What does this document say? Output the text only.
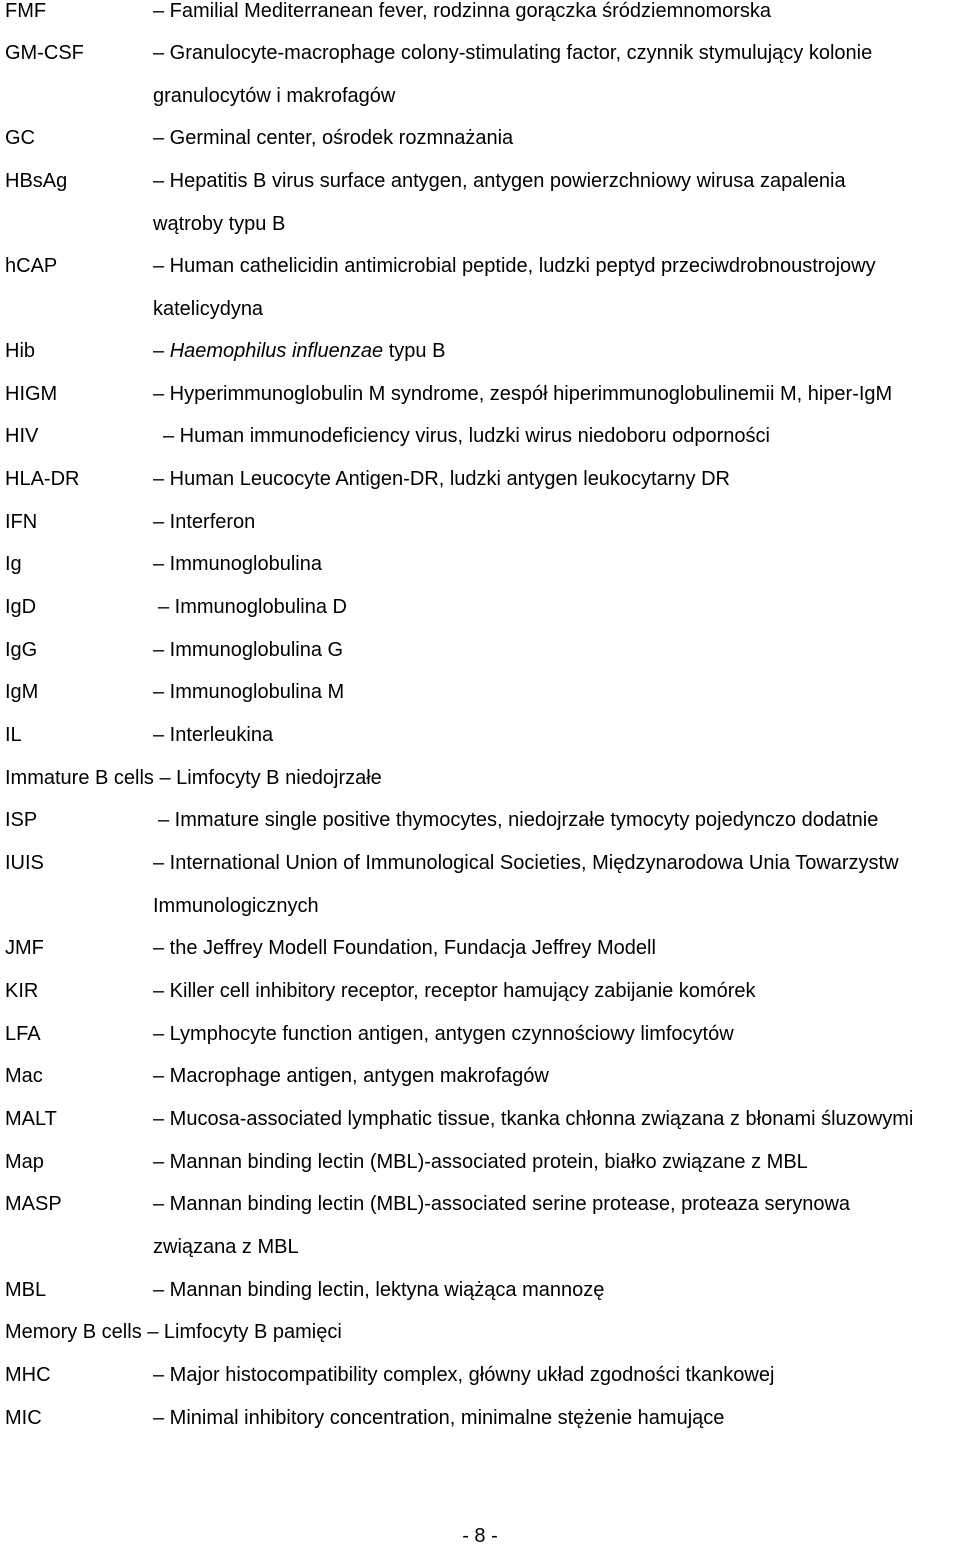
FMF	– Familial Mediterranean fever, rodzinna gorączka śródziemnomorska
GM-CSF	– Granulocyte-macrophage colony-stimulating factor, czynnik stymulujący kolonie
granulocytów i makrofagów
GC	– Germinal center, ośrodek rozmnażania
HBsAg	– Hepatitis B virus surface antygen, antygen powierzchniowy wirusa zapalenia
wątroby typu B
hCAP	– Human cathelicidin antimicrobial peptide, ludzki peptyd przeciwdrobnoustrojowy
katelicydyna
Hib	– Haemophilus influenzae typu B
HIGM	– Hyperimmunoglobulin M syndrome, zespół hiperimmunoglobulinemii M, hiper-IgM
HIV	– Human immunodeficiency virus, ludzki wirus niedoboru odporności
HLA-DR	– Human Leucocyte Antigen-DR, ludzki antygen leukocytarny DR
IFN	– Interferon
Ig	– Immunoglobulina
IgD	– Immunoglobulina D
IgG	– Immunoglobulina G
IgM	– Immunoglobulina M
IL	– Interleukina
Immature B cells – Limfocyty B niedojrzałe
ISP	– Immature single positive thymocytes, niedojrzałe tymocyty pojedynczo dodatnie
IUIS	– International Union of Immunological Societies, Międzynarodowa Unia Towarzystw
Immunologicznych
JMF	– the Jeffrey Modell Foundation, Fundacja Jeffrey Modell
KIR	– Killer cell inhibitory receptor, receptor hamujący zabijanie komórek
LFA	– Lymphocyte function antigen, antygen czynnościowy limfocytów
Mac	– Macrophage antigen, antygen makrofagów
MALT	– Mucosa-associated lymphatic tissue, tkanka chłonna związana z błonami śluzowymi
Map	– Mannan binding lectin (MBL)-associated protein, białko związane z MBL
MASP	– Mannan binding lectin (MBL)-associated serine protease, proteaza serynowa
związana z MBL
MBL	– Mannan binding lectin, lektyna wiążąca mannozę
Memory B cells – Limfocyty B pamięci
MHC	– Major histocompatibility complex, główny układ zgodności tkankowej
MIC	– Minimal inhibitory concentration, minimalne stężenie hamujące
- 8 -
